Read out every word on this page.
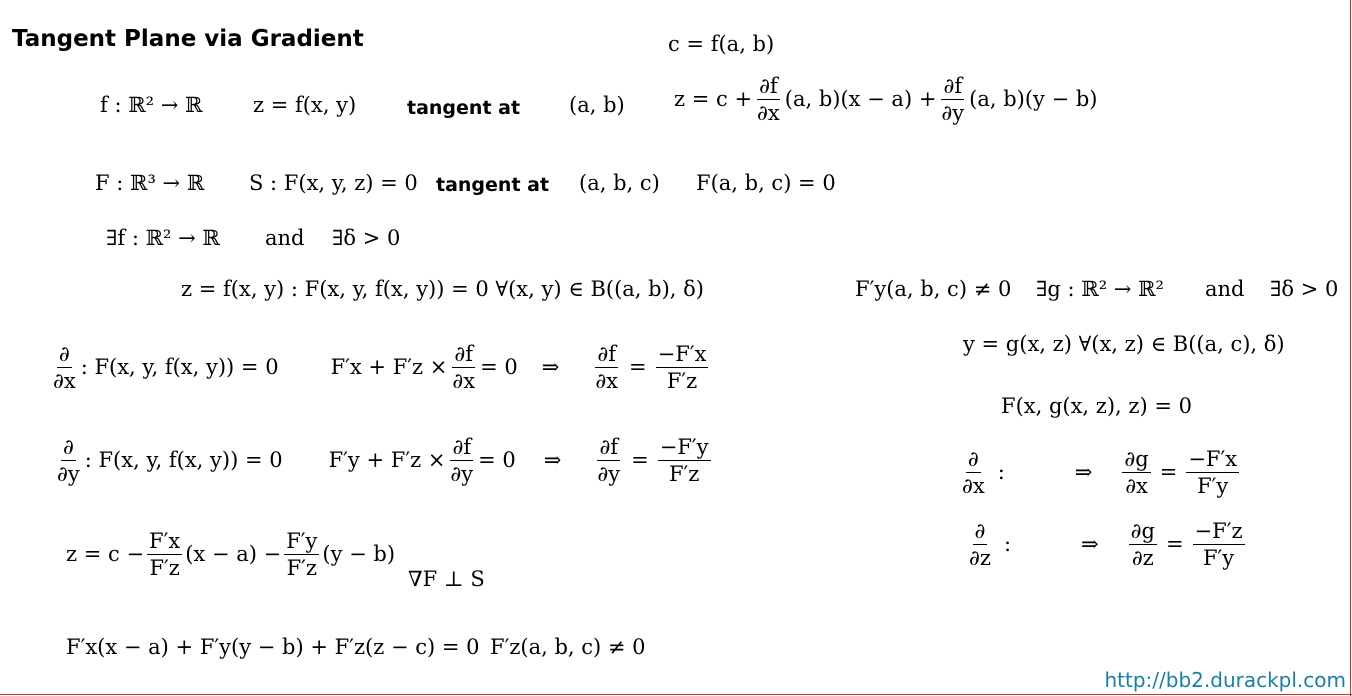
Tangent Plane via Gradient	c = f(a, b)
f : ℝ² → ℝ z = f(x, y)	tangent at (a, b) $z = c + \frac{\partial f}{\partial x} (a$, $b)(x - a) + \frac{\partial f}{\partial y} (a$, b)(y − b)
F : ℝ³ → ℝ S : F(x, y, z) = 0 tangent at (a, b, c) F(a, b, c) = 0
∃f : ℝ² → ℝ and ∃δ > 0
z = f(x, y) : F(x, y, f(x, y)) = 0 ∀(x, y) ∈ B((a, b), δ)	F′y(a, b, c) ≠ 0 ∃g : ℝ² → ℝ² and ∃δ > 0
y = g(x, z) ∀(x, z) ∈ B((a, c), δ)
F(x, g(x, z), z) = 0
$\frac{\partial}{\partial x}$ :	⇒ $\frac{\partial g}{\partial x} = \frac{-F'x}{F'y}$
$\frac{\partial}{\partial z}$ :	⇒ $\frac{\partial g}{\partial z} = \frac{-F'z}{F'y}$
$\frac{\partial}{\partial x}$ : F(x, y, f(x, y)) = 0 $F'x + F'z \times \frac{\partial f}{\partial x} = 0$ ⇒ $\frac{\partial f}{\partial x} = \frac{-F'x}{F'z}$
$\frac{\partial}{\partial y}$ : F(x, y, f(x, y)) = 0 $F'y + F'z \times \frac{\partial f}{\partial y} = 0$ ⇒ $\frac{\partial f}{\partial y} = \frac{-F'y}{F'z}$
$z = c - \frac{F'x}{F'z} (x - a) - \frac{F'y}{F'z} (y - b)$
∇F ⊥ S
F′x(x − a) + F′y(y − b) + F′z(z − c) = 0 F′z(a, b, c) ≠ 0
http://bb2.durackpl.com
